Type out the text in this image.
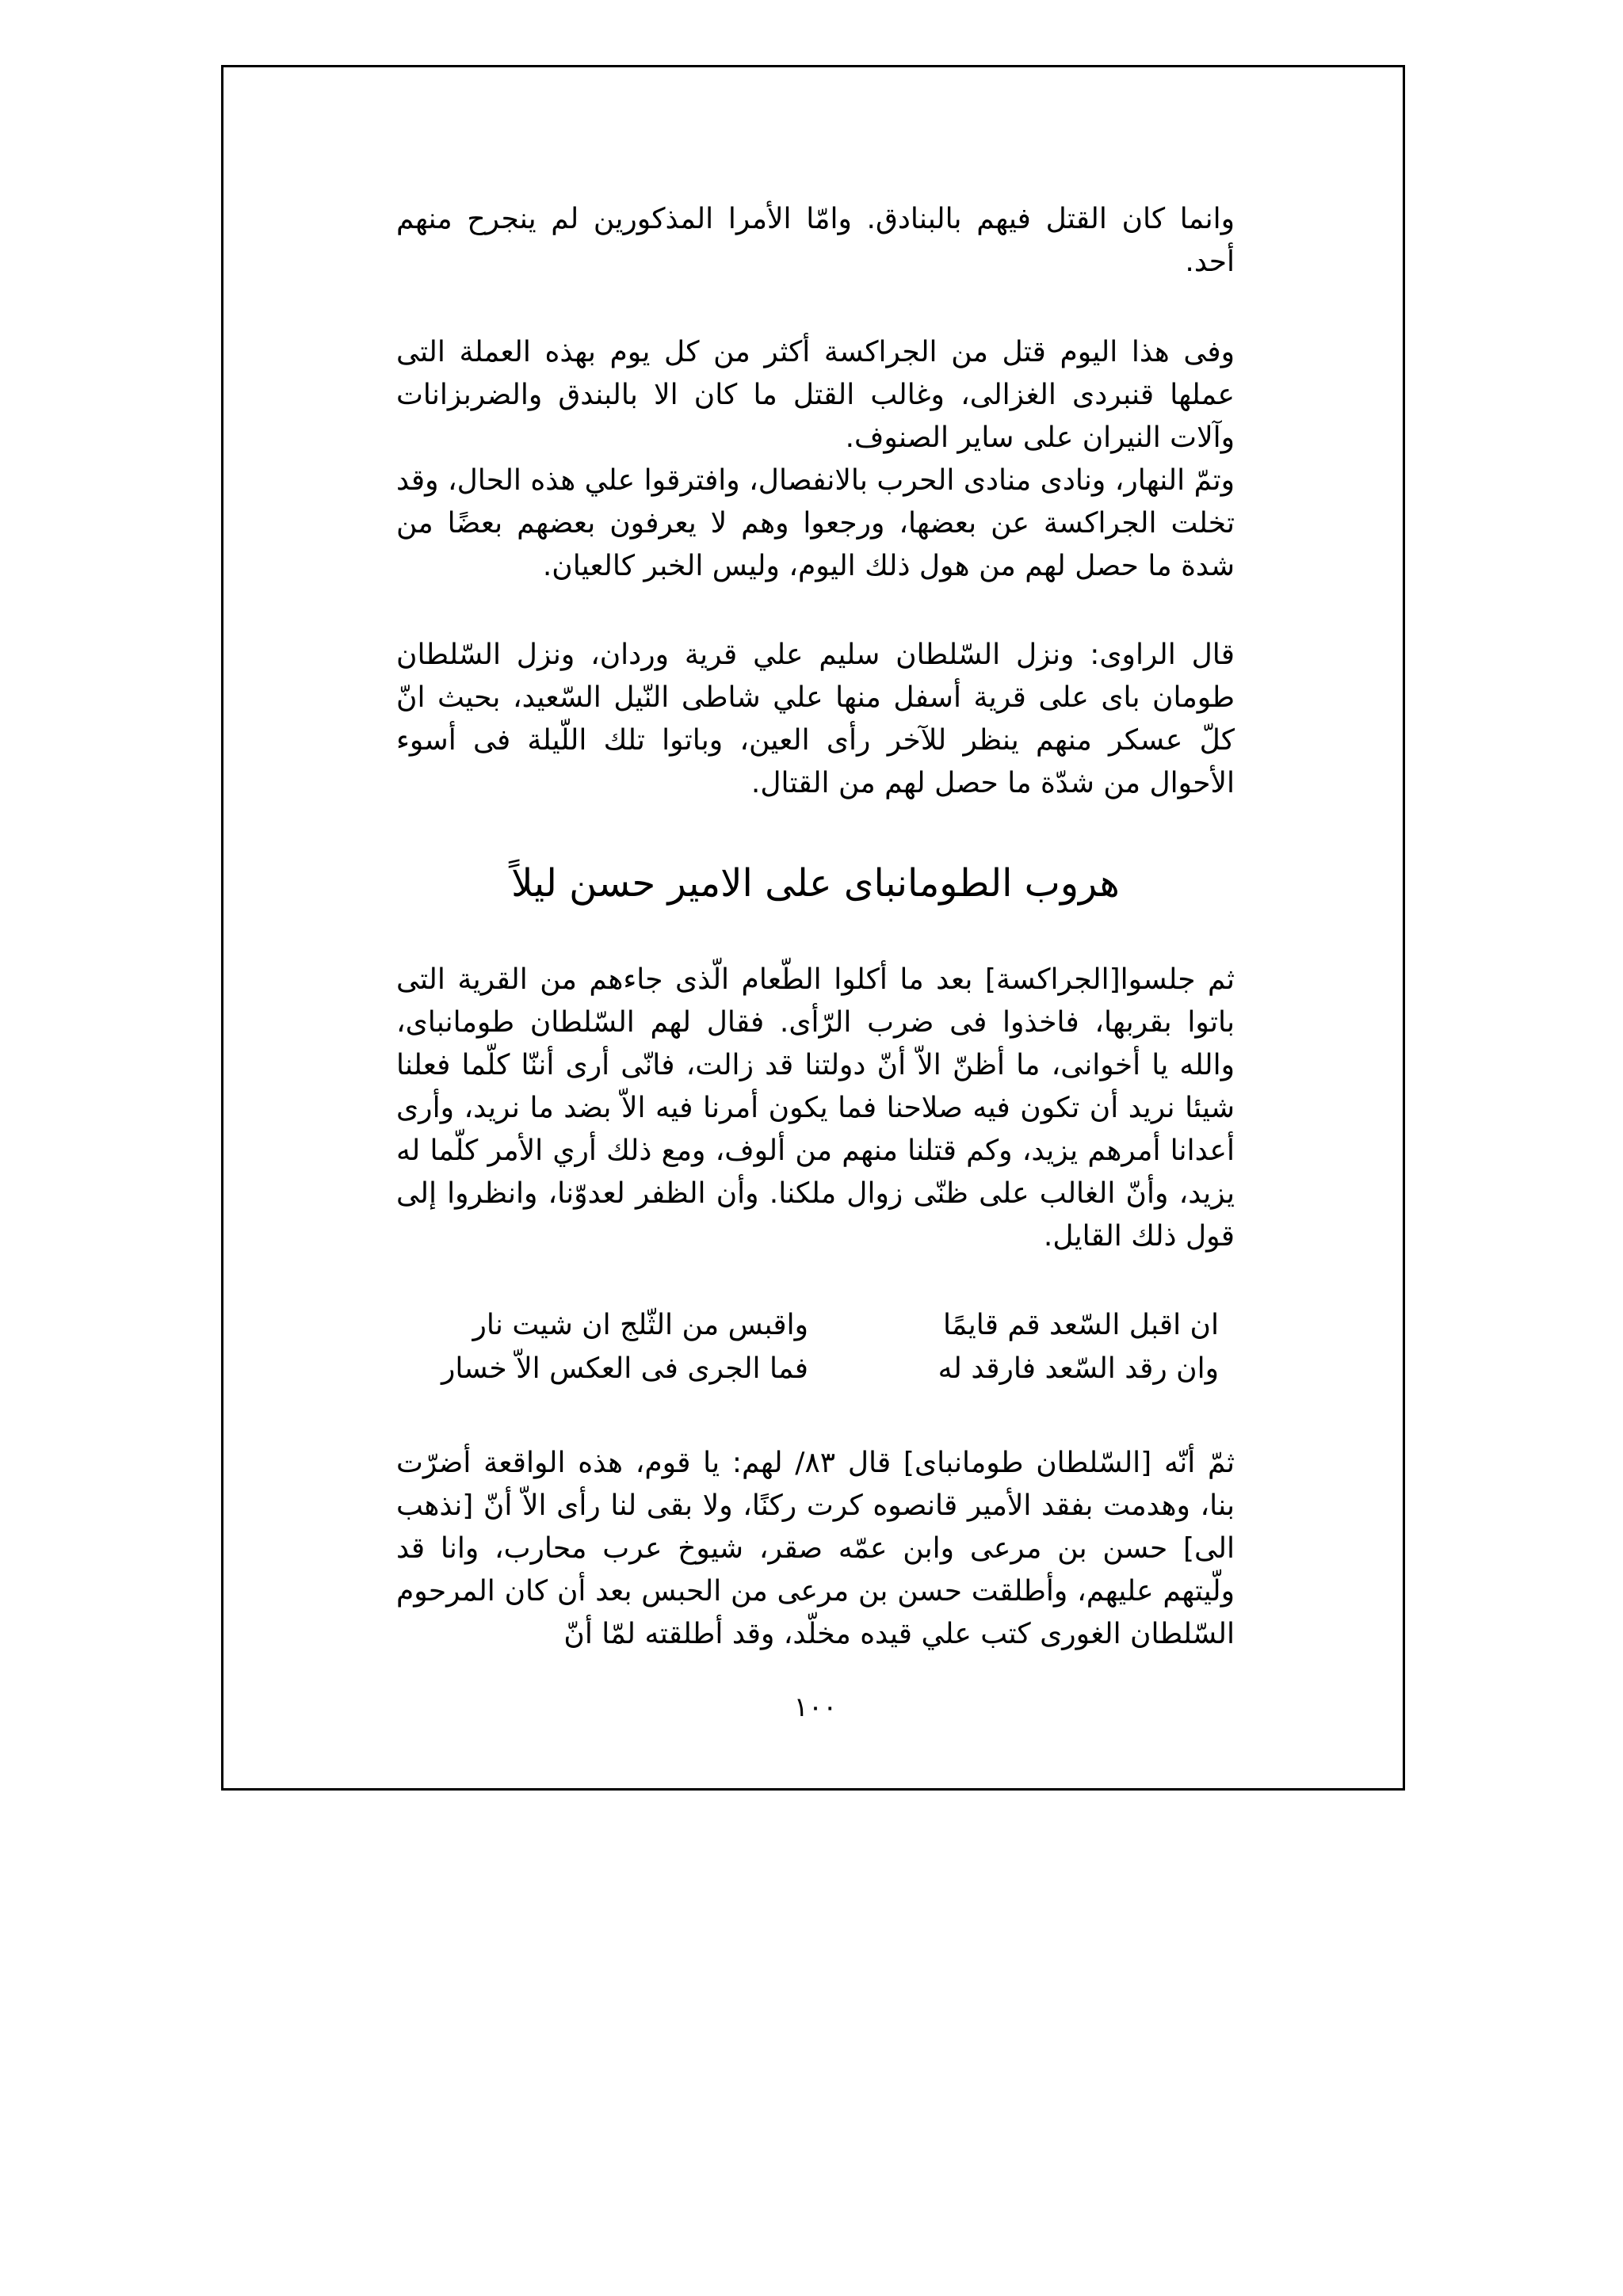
وانما كان القتل فيهم بالبنادق. وامّا الأمرا المذكورين لم ينجرح منهم أحد.

وفى هذا اليوم قتل من الجراكسة أكثر من كل يوم بهذه العملة التى عملها قنبردى الغزالى، وغالب القتل ما كان الا بالبندق والضربزانات وآلات النيران على ساير الصنوف.

وتمّ النهار، ونادى منادى الحرب بالانفصال، وافترقوا علي هذه الحال، وقد تخلت الجراكسة عن بعضها، ورجعوا وهم لا يعرفون بعضهم بعضًا من شدة ما حصل لهم من هول ذلك اليوم، وليس الخبر كالعيان.

قال الراوى: ونزل السّلطان سليم علي قرية وردان، ونزل السّلطان طومان باى على قرية أسفل منها علي شاطى النّيل السّعيد، بحيث انّ كلّ عسكر منهم ينظر للآخر رأى العين، وباتوا تلك اللّيلة فى أسوء الأحوال من شدّة ما حصل لهم من القتال.

هروب الطومانباى على الامير حسن ليلاً

ثم جلسوا[الجراكسة] بعد ما أكلوا الطّعام الّذى جاءهم من القرية التى باتوا بقربها، فاخذوا فى ضرب الرّأى. فقال لهم السّلطان طومانباى، والله يا أخوانى، ما أظنّ الاّ أنّ دولتنا قد زالت، فانّى أرى أننّا كلّما فعلنا شيئا نريد أن تكون فيه صلاحنا فما يكون أمرنا فيه الاّ بضد ما نريد، وأرى أعدانا أمرهم يزيد، وكم قتلنا منهم من ألوف، ومع ذلك أري الأمر كلّما له يزيد، وأنّ الغالب على ظنّى زوال ملكنا. وأن الظفر لعدوّنا، وانظروا إلى قول ذلك القايل.

ان اقبل السّعد قم قايمًا
واقبس من الثّلج ان شيت نار
وان رقد السّعد فارقد له
فما الجرى فى العكس الاّ خسار

ثمّ أنّه [السّلطان طومانباى] قال ٨٣/ لهم: يا قوم، هذه الواقعة أضرّت بنا، وهدمت بفقد الأمير قانصوه كرت ركنًا، ولا بقى لنا رأى الاّ أنّ [نذهب الى] حسن بن مرعى وابن عمّه صقر، شيوخ عرب محارب، وانا قد ولّيتهم عليهم، وأطلقت حسن بن مرعى من الحبس بعد أن كان المرحوم السّلطان الغورى كتب علي قيده مخلّد، وقد أطلقته لمّا أنّ

١٠٠
